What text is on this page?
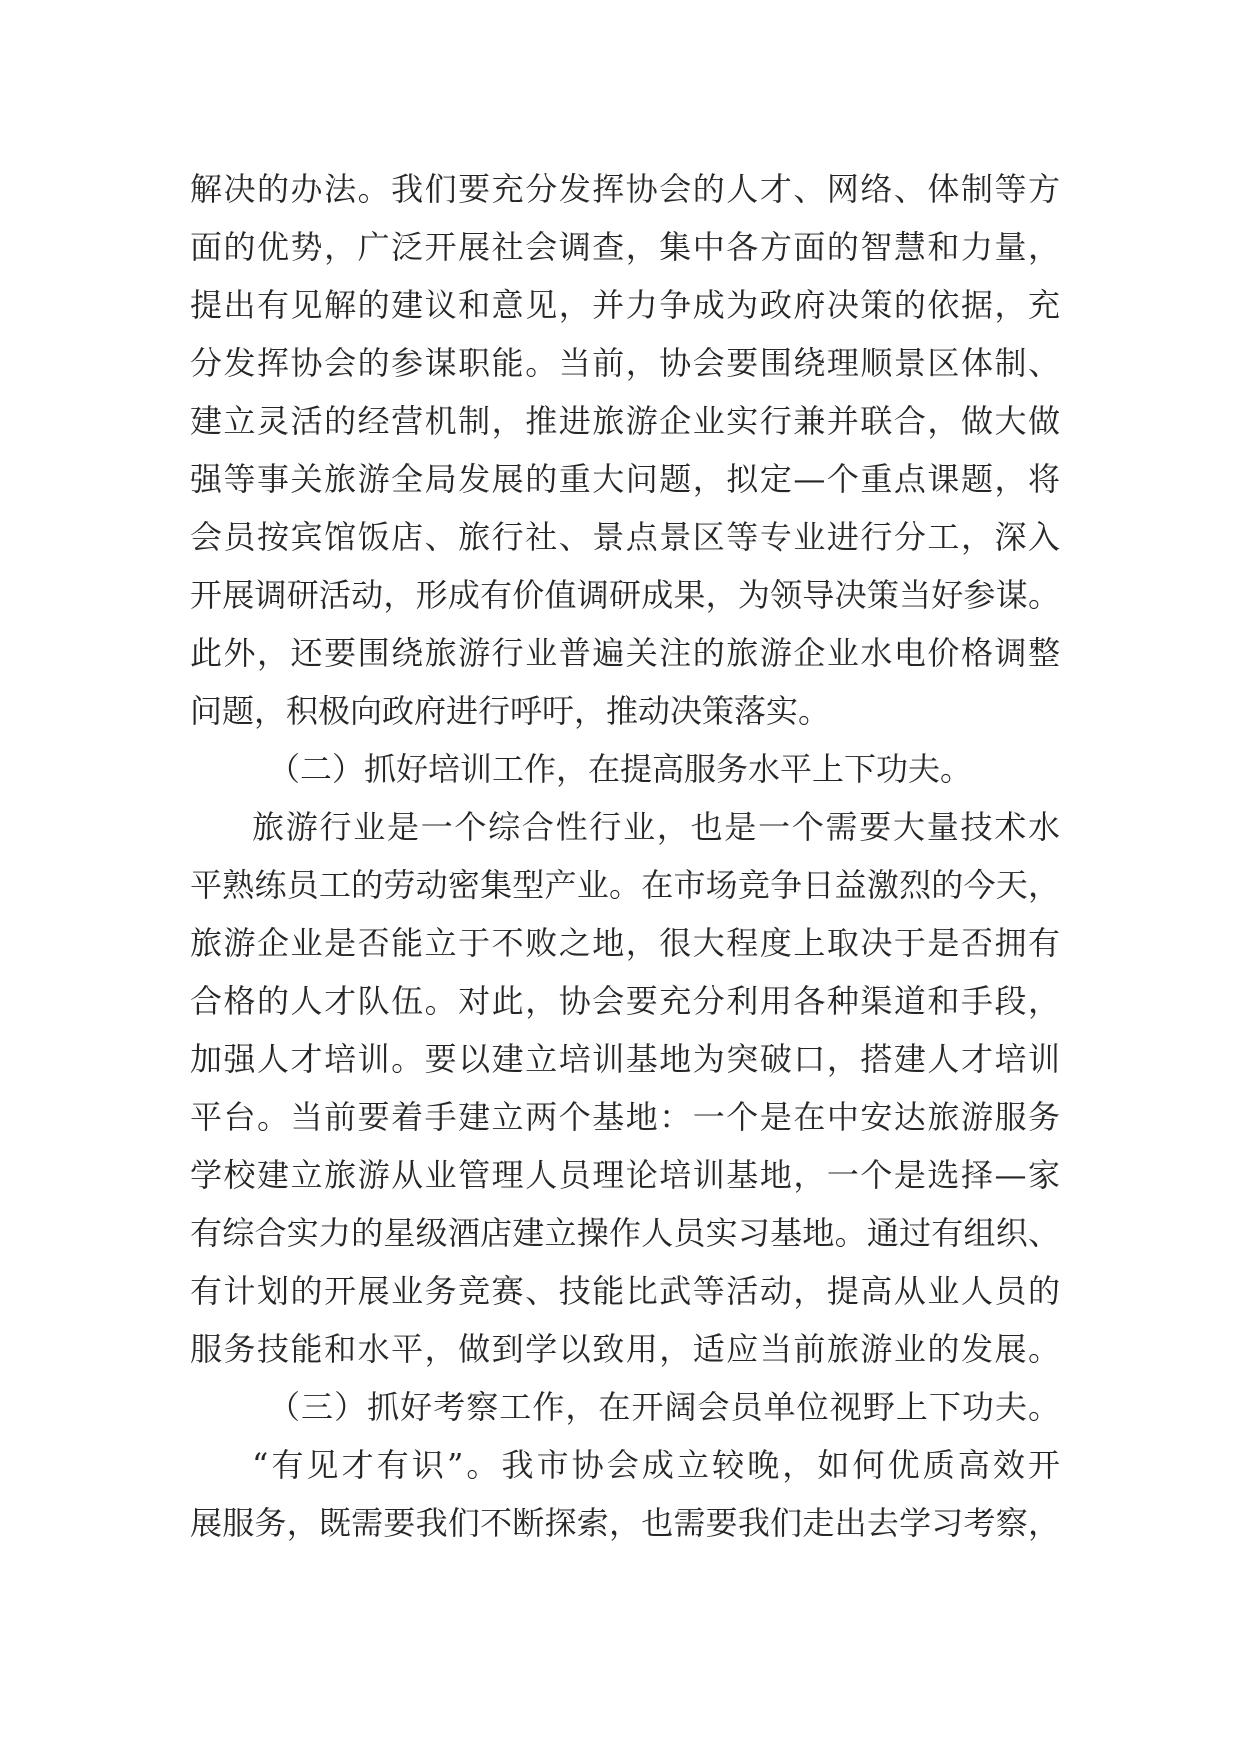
解决的办法。我们要充分发挥协会的人才、网络、体制等方
面的优势，广泛开展社会调查，集中各方面的智慧和力量，
提出有见解的建议和意见，并力争成为政府决策的依据，充
分发挥协会的参谋职能。当前，协会要围绕理顺景区体制、
建立灵活的经营机制，推进旅游企业实行兼并联合，做大做
强等事关旅游全局发展的重大问题，拟定—个重点课题，将
会员按宾馆饭店、旅行社、景点景区等专业进行分工，深入
开展调研活动，形成有价值调研成果，为领导决策当好参谋。
此外，还要围绕旅游行业普遍关注的旅游企业水电价格调整
问题，积极向政府进行呼吁，推动决策落实。
（二）抓好培训工作，在提高服务水平上下功夫。
旅游行业是一个综合性行业，也是一个需要大量技术水
平熟练员工的劳动密集型产业。在市场竞争日益激烈的今天，
旅游企业是否能立于不败之地，很大程度上取决于是否拥有
合格的人才队伍。对此，协会要充分利用各种渠道和手段，
加强人才培训。要以建立培训基地为突破口，搭建人才培训
平台。当前要着手建立两个基地：一个是在中安达旅游服务
学校建立旅游从业管理人员理论培训基地，一个是选择—家
有综合实力的星级酒店建立操作人员实习基地。通过有组织、
有计划的开展业务竞赛、技能比武等活动，提高从业人员的
服务技能和水平，做到学以致用，适应当前旅游业的发展。
（三）抓好考察工作，在开阔会员单位视野上下功夫。
“有见才有识”。我市协会成立较晚，如何优质高效开
展服务，既需要我们不断探索，也需要我们走出去学习考察，
